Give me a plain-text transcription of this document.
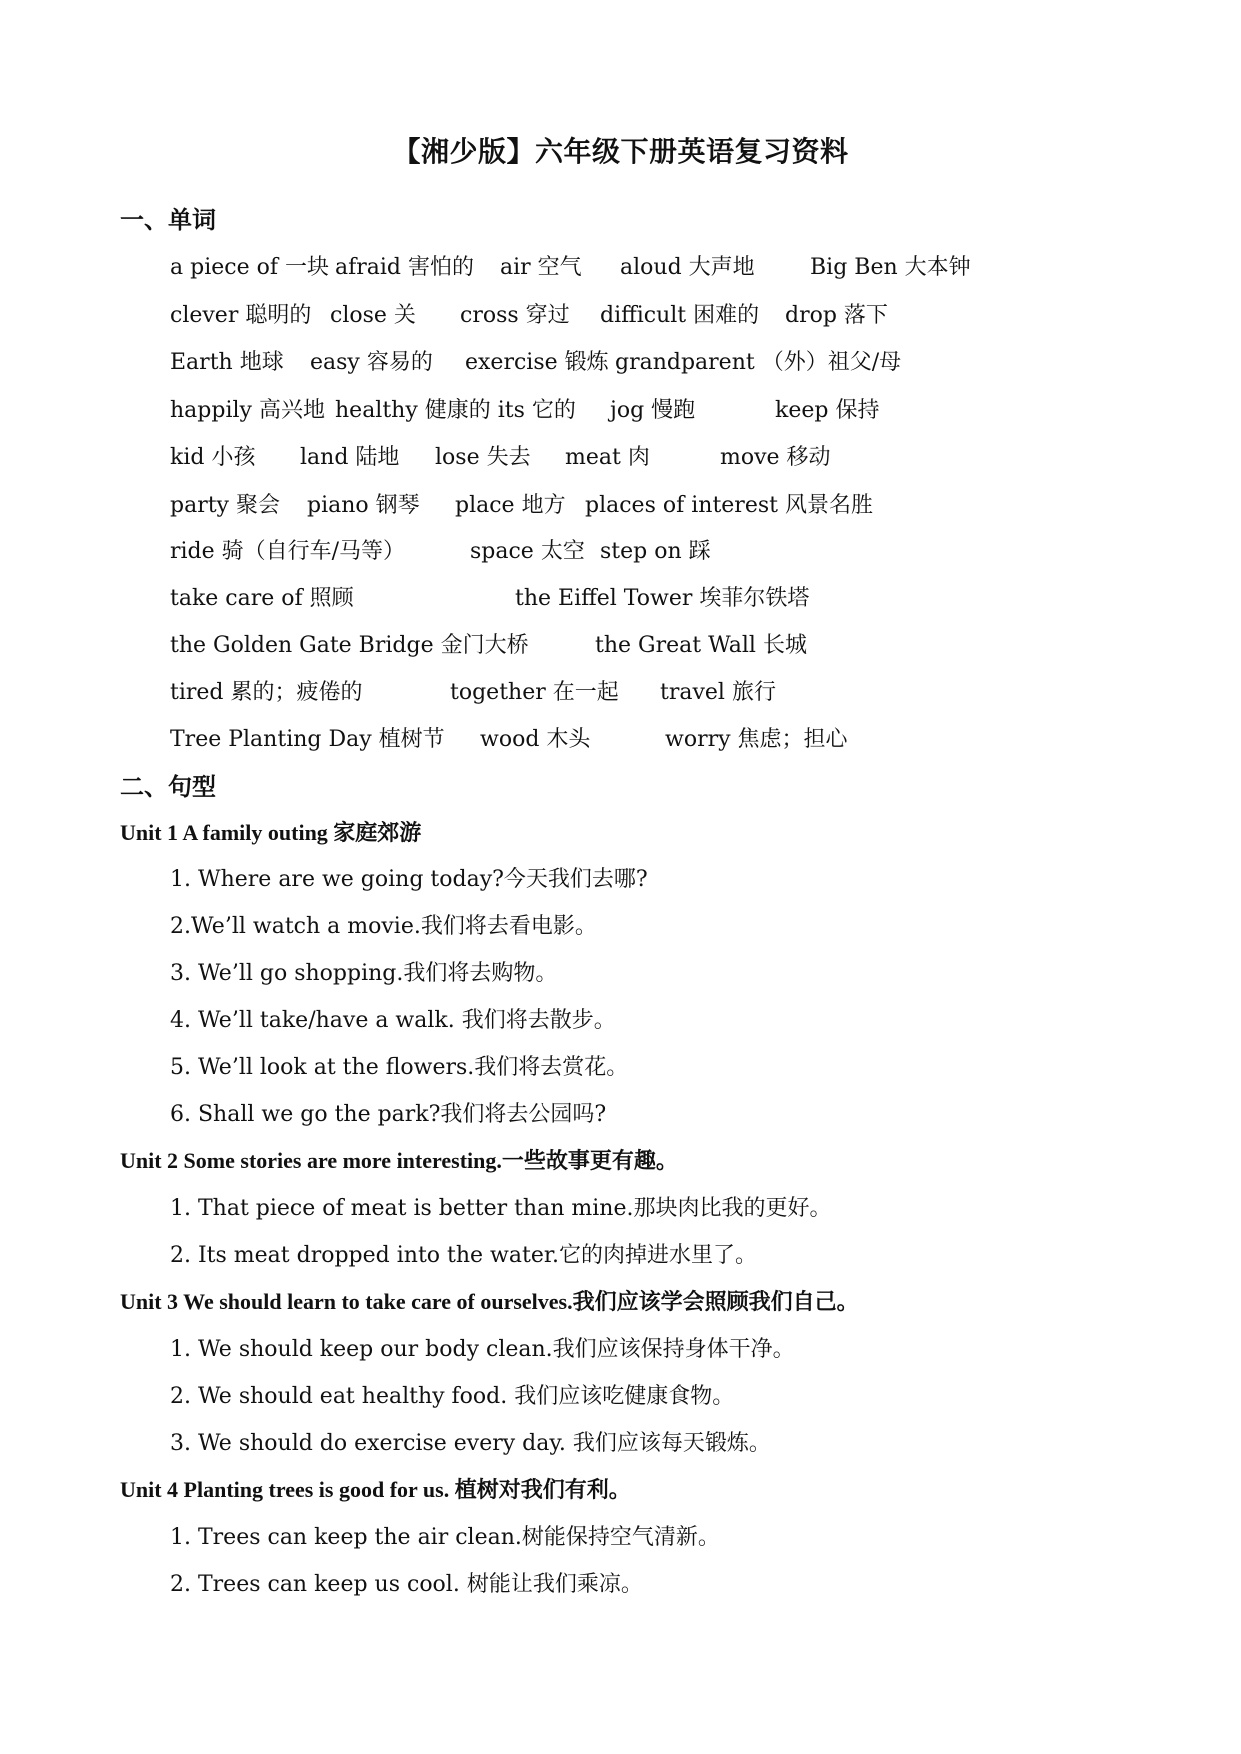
【湘少版】六年级下册英语复习资料
一、单词
a piece of 一块 afraid 害怕的 air 空气 aloud 大声地	Big Ben 大本钟
clever 聪明的 close 关 cross 穿过 difficult 困难的 drop 落下
Earth 地球 easy 容易的 exercise 锻炼 grandparent （外）祖父/母
happily 高兴地 healthy 健康的 its 它的 jog 慢跑	keep 保持
kid 小孩 land 陆地 lose 失去 meat 肉	move 移动
party 聚会 piano 钢琴 place 地方 places of interest 风景名胜
ride 骑（自行车/马等）	space 太空 step on 踩
take care of 照顾	the Eiffel Tower 埃菲尔铁塔
the Golden Gate Bridge 金门大桥	the Great Wall 长城
tired 累的；疲倦的	together 在一起 travel 旅行
Tree Planting Day 植树节 wood 木头	worry 焦虑；担心
二、句型
Unit 1 A family outing 家庭郊游
1. Where are we going today?今天我们去哪?
2.We’ll watch a movie.我们将去看电影。
3. We’ll go shopping.我们将去购物。
4. We’ll take/have a walk. 我们将去散步。
5. We’ll look at the flowers.我们将去赏花。
6. Shall we go the park?我们将去公园吗?
Unit 2 Some stories are more interesting.一些故事更有趣。
1. That piece of meat is better than mine.那块肉比我的更好。
2. Its meat dropped into the water.它的肉掉进水里了。
Unit 3 We should learn to take care of ourselves.我们应该学会照顾我们自己。
1. We should keep our body clean.我们应该保持身体干净。
2. We should eat healthy food. 我们应该吃健康食物。
3. We should do exercise every day. 我们应该每天锻炼。
Unit 4 Planting trees is good for us. 植树对我们有利。
1. Trees can keep the air clean.树能保持空气清新。
2. Trees can keep us cool. 树能让我们乘凉。
